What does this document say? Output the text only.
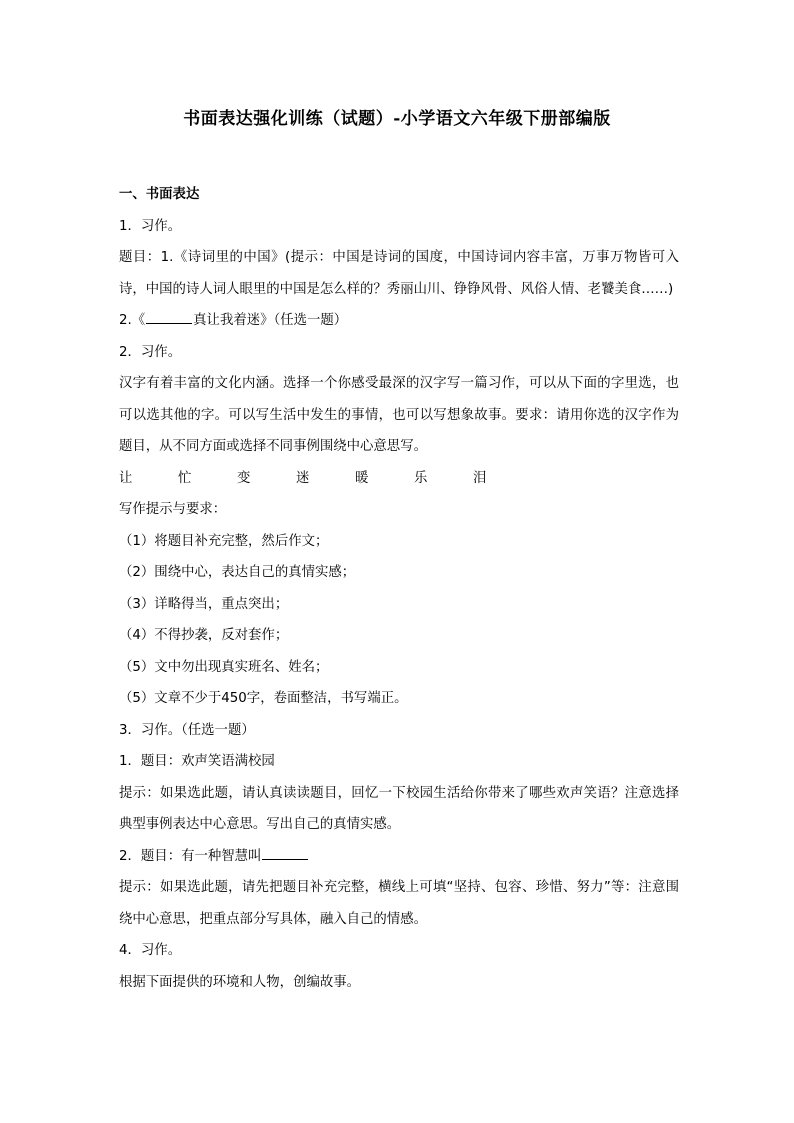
书面表达强化训练（试题）-小学语文六年级下册部编版

一、书面表达

1．习作。

题目：1.《诗词里的中国》(提示：中国是诗词的国度，中国诗词内容丰富，万事万物皆可入诗，中国的诗人词人眼里的中国是怎么样的？秀丽山川、铮铮风骨、风俗人情、老饕美食……)

2.《	真让我着迷》（任选一题）

2．习作。

汉字有着丰富的文化内涵。选择一个你感受最深的汉字写一篇习作，可以从下面的字里选，也可以选其他的字。可以写生活中发生的事情，也可以写想象故事。要求：请用你选的汉字作为题目，从不同方面或选择不同事例围绕中心意思写。

让	忙	变	迷	暖	乐	泪

写作提示与要求：

（1）将题目补充完整，然后作文；

（2）围绕中心，表达自己的真情实感；

（3）详略得当，重点突出；

（4）不得抄袭，反对套作；

（5）文中勿出现真实班名、姓名；

（5）文章不少于450字，卷面整洁，书写端正。

3．习作。（任选一题）

1．题目：欢声笑语满校园

提示：如果选此题，请认真读读题目，回忆一下校园生活给你带来了哪些欢声笑语？注意选择典型事例表达中心意思。写出自己的真情实感。

2．题目：有一种智慧叫

提示：如果选此题，请先把题目补充完整，横线上可填“坚持、包容、珍惜、努力”等：注意围绕中心意思，把重点部分写具体，融入自己的情感。

4．习作。

根据下面提供的环境和人物，创编故事。
